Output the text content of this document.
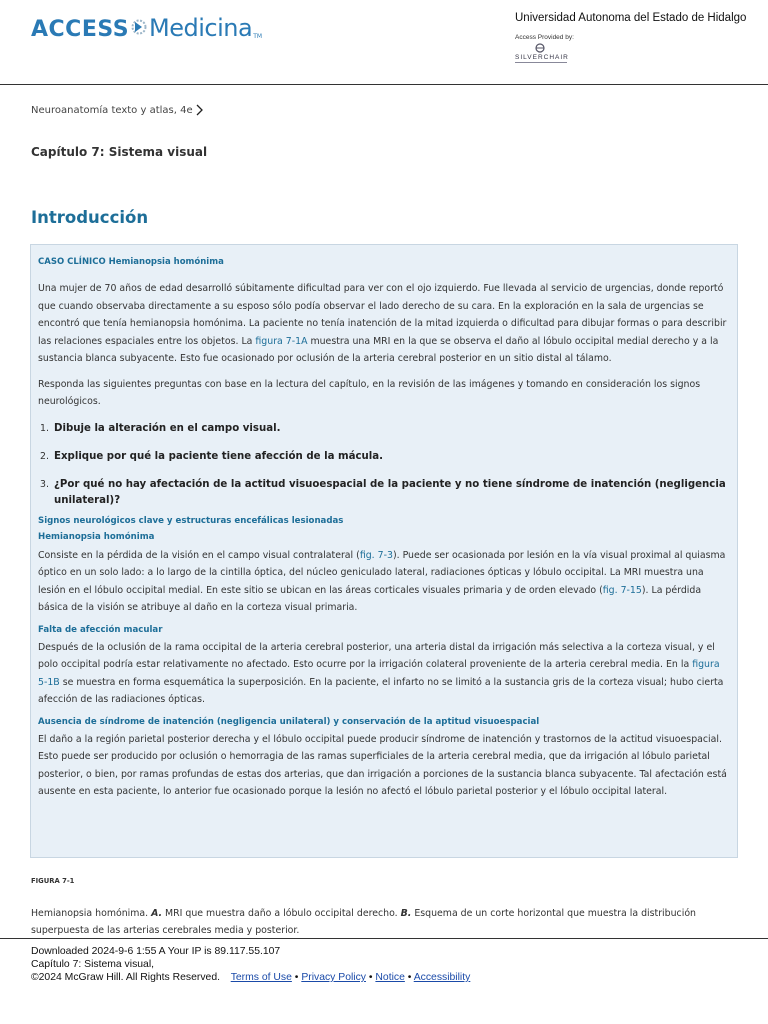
ACCESS Medicina TM
Universidad Autonoma del Estado de Hidalgo
Access Provided by:
SILVERCHAIR
Neuroanatomía texto y atlas, 4e
Capítulo 7: Sistema visual
Introducción
CASO CLÍNICO Hemianopsia homónima

Una mujer de 70 años de edad desarrolló súbitamente dificultad para ver con el ojo izquierdo. Fue llevada al servicio de urgencias, donde reportó que cuando observaba directamente a su esposo sólo podía observar el lado derecho de su cara. En la exploración en la sala de urgencias se encontró que tenía hemianopsia homónima. La paciente no tenía inatención de la mitad izquierda o dificultad para dibujar formas o para describir las relaciones espaciales entre los objetos. La figura 7-1A muestra una MRI en la que se observa el daño al lóbulo occipital medial derecho y a la sustancia blanca subyacente. Esto fue ocasionado por oclusión de la arteria cerebral posterior en un sitio distal al tálamo.

Responda las siguientes preguntas con base en la lectura del capítulo, en la revisión de las imágenes y tomando en consideración los signos neurológicos.

1. Dibuje la alteración en el campo visual.
2. Explique por qué la paciente tiene afección de la mácula.
3. ¿Por qué no hay afectación de la actitud visuoespacial de la paciente y no tiene síndrome de inatención (negligencia unilateral)?
Signos neurológicos clave y estructuras encefálicas lesionadas
Hemianopsia homónima

Consiste en la pérdida de la visión en el campo visual contralateral (fig. 7-3). Puede ser ocasionada por lesión en la vía visual proximal al quiasma óptico en un solo lado: a lo largo de la cintilla óptica, del núcleo geniculado lateral, radiaciones ópticas y lóbulo occipital. La MRI muestra una lesión en el lóbulo occipital medial. En este sitio se ubican en las áreas corticales visuales primaria y de orden elevado (fig. 7-15). La pérdida básica de la visión se atribuye al daño en la corteza visual primaria.

Falta de afección macular

Después de la oclusión de la rama occipital de la arteria cerebral posterior, una arteria distal da irrigación más selectiva a la corteza visual, y el polo occipital podría estar relativamente no afectado. Esto ocurre por la irrigación colateral proveniente de la arteria cerebral media. En la figura 5-1B se muestra en forma esquemática la superposición. En la paciente, el infarto no se limitó a la sustancia gris de la corteza visual; hubo cierta afección de las radiaciones ópticas.

Ausencia de síndrome de inatención (negligencia unilateral) y conservación de la aptitud visuoespacial

El daño a la región parietal posterior derecha y el lóbulo occipital puede producir síndrome de inatención y trastornos de la actitud visuoespacial. Esto puede ser producido por oclusión o hemorragia de las ramas superficiales de la arteria cerebral media, que da irrigación al lóbulo parietal posterior, o bien, por ramas profundas de estas dos arterias, que dan irrigación a porciones de la sustancia blanca subyacente. Tal afectación está ausente en esta paciente, lo anterior fue ocasionado porque la lesión no afectó el lóbulo parietal posterior y el lóbulo occipital lateral.

FIGURA 7-1

Hemianopsia homónima. A. MRI que muestra daño a lóbulo occipital derecho. B. Esquema de un corte horizontal que muestra la distribución superpuesta de las arterias cerebrales media y posterior.

Downloaded 2024-9-6 1:55 A Your IP is 89.117.55.107
Capítulo 7: Sistema visual,
©2024 McGraw Hill. All Rights Reserved. Terms of Use • Privacy Policy • Notice • Accessibility
